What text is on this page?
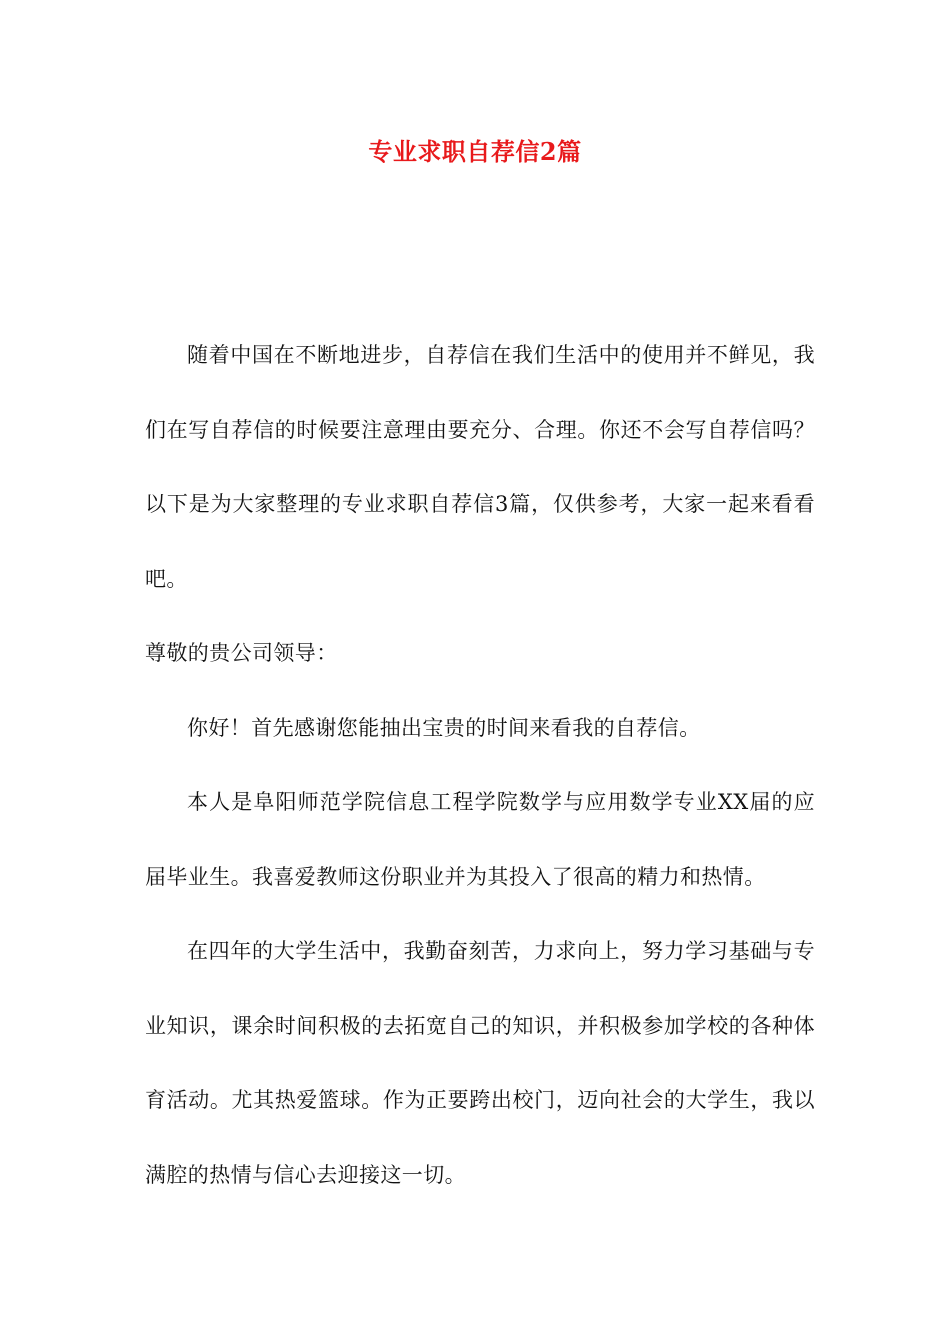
专业求职自荐信2篇

随着中国在不断地进步，自荐信在我们生活中的使用并不鲜见，我们在写自荐信的时候要注意理由要充分、合理。你还不会写自荐信吗？以下是为大家整理的专业求职自荐信3篇，仅供参考，大家一起来看看吧。

尊敬的贵公司领导：

你好！首先感谢您能抽出宝贵的时间来看我的自荐信。

本人是阜阳师范学院信息工程学院数学与应用数学专业XX届的应届毕业生。我喜爱教师这份职业并为其投入了很高的精力和热情。

在四年的大学生活中，我勤奋刻苦，力求向上，努力学习基础与专业知识，课余时间积极的去拓宽自己的知识，并积极参加学校的各种体育活动。尤其热爱篮球。作为正要跨出校门，迈向社会的大学生，我以满腔的热情与信心去迎接这一切。
